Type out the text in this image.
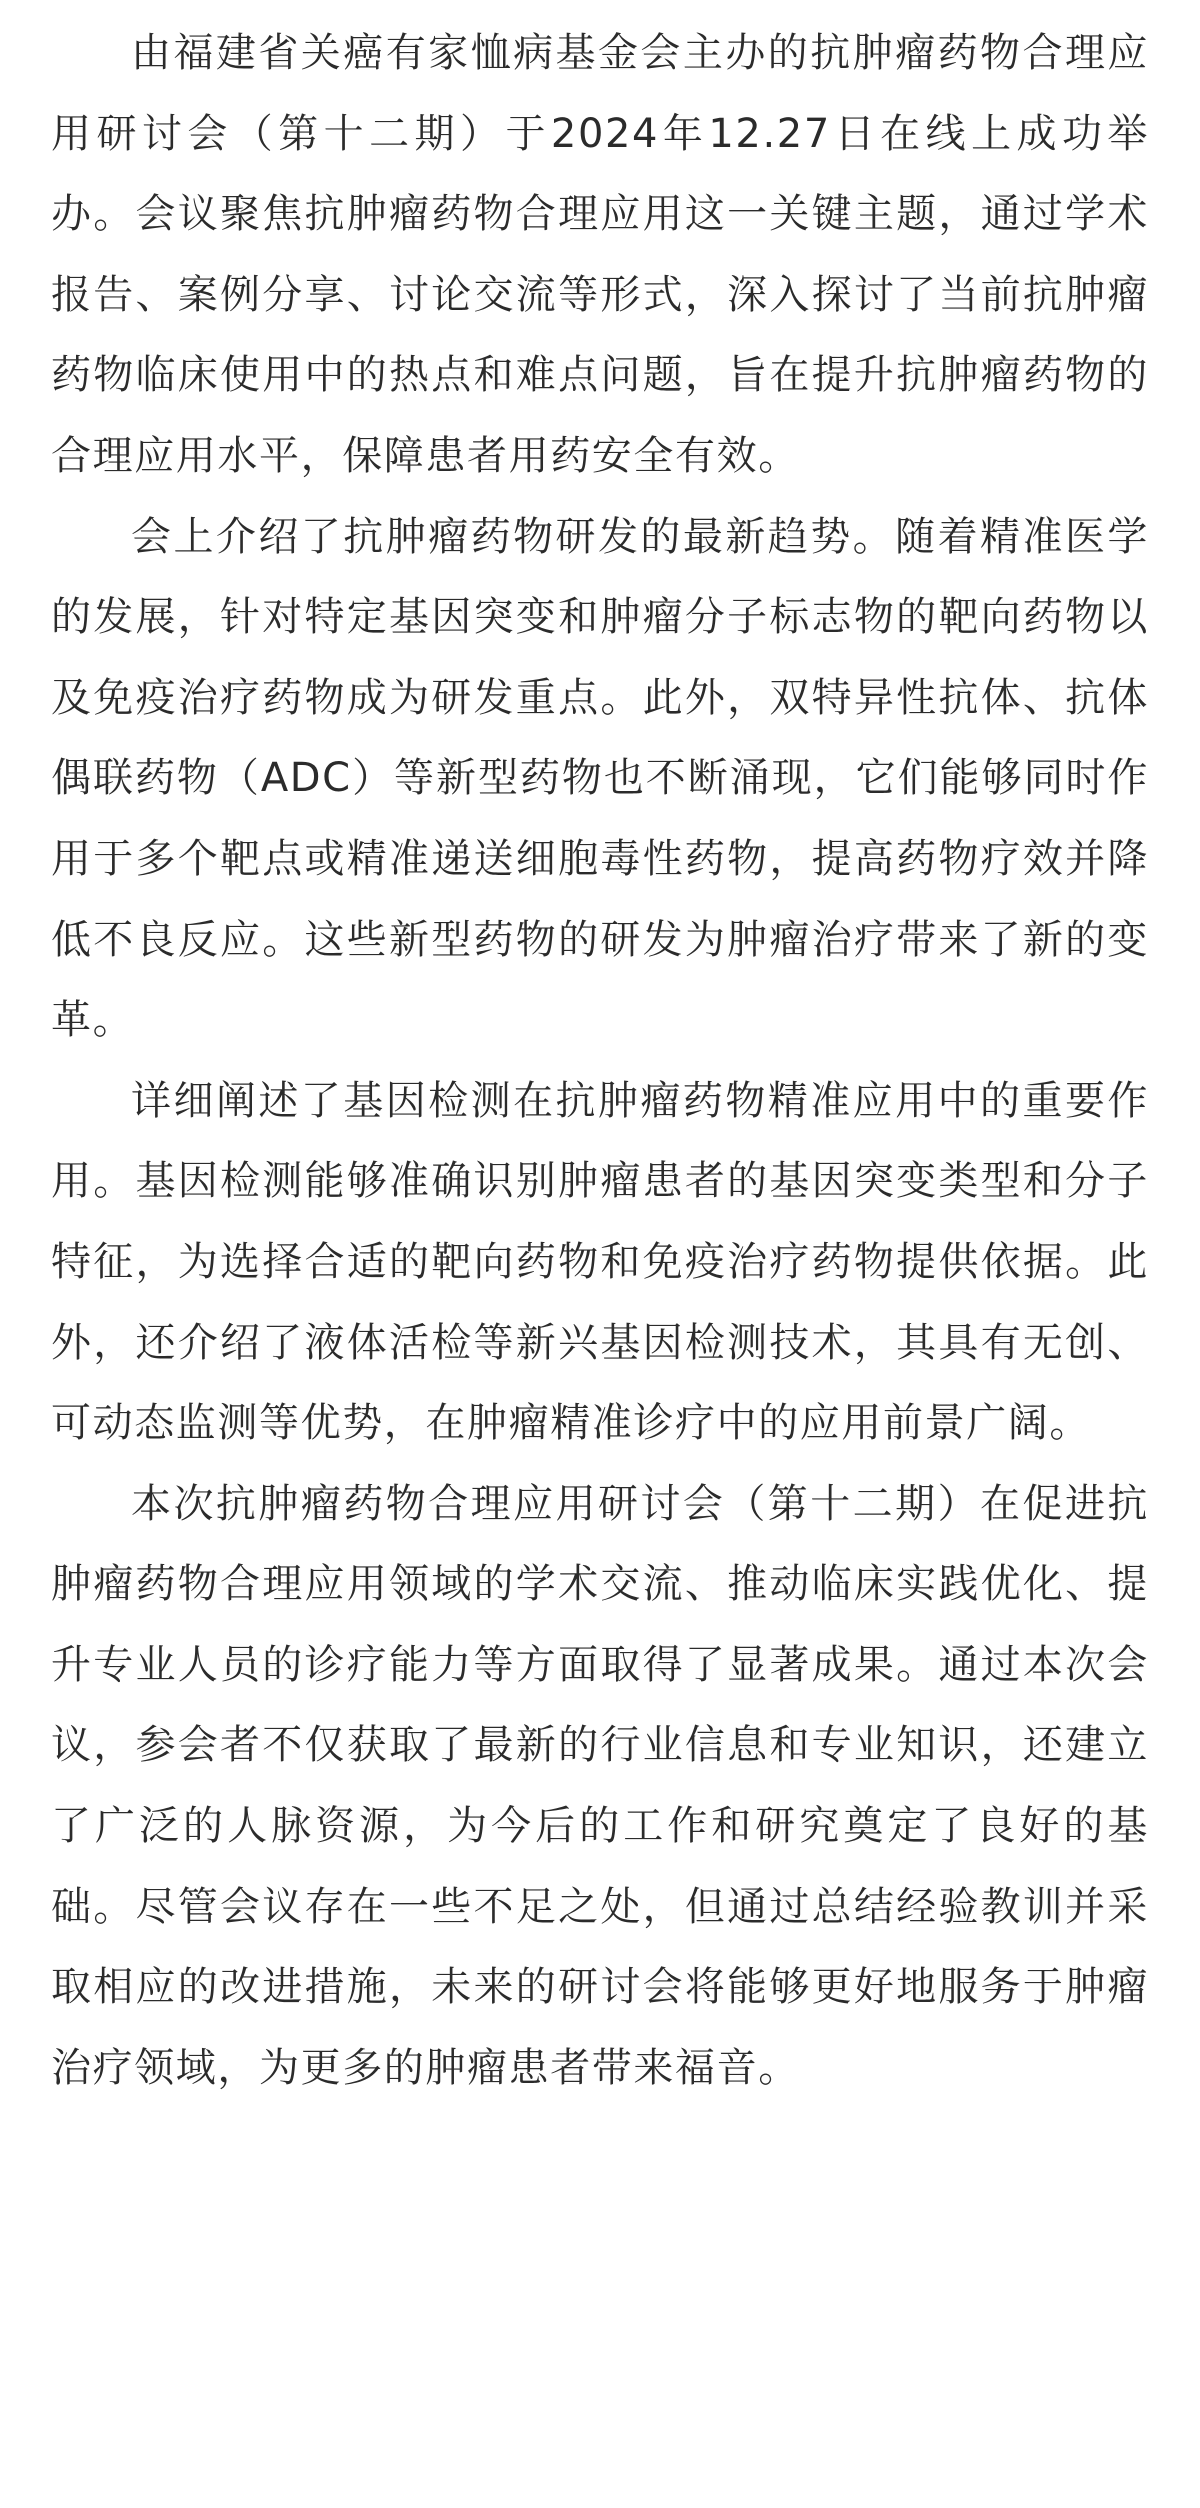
由福建省关癌有家恤病基金会主办的抗肿瘤药物合理应用研讨会（第十二期）于2024年12.27日在线上成功举办。会议聚焦抗肿瘤药物合理应用这一关键主题，通过学术报告、案例分享、讨论交流等形式，深入探讨了当前抗肿瘤药物临床使用中的热点和难点问题，旨在提升抗肿瘤药物的合理应用水平，保障患者用药安全有效。

会上介绍了抗肿瘤药物研发的最新趋势。随着精准医学的发展，针对特定基因突变和肿瘤分子标志物的靶向药物以及免疫治疗药物成为研发重点。此外，双特异性抗体、抗体偶联药物（ADC）等新型药物也不断涌现，它们能够同时作用于多个靶点或精准递送细胞毒性药物，提高药物疗效并降低不良反应。这些新型药物的研发为肿瘤治疗带来了新的变革。

详细阐述了基因检测在抗肿瘤药物精准应用中的重要作用。基因检测能够准确识别肿瘤患者的基因突变类型和分子特征，为选择合适的靶向药物和免疫治疗药物提供依据。此外，还介绍了液体活检等新兴基因检测技术，其具有无创、可动态监测等优势，在肿瘤精准诊疗中的应用前景广阔。

本次抗肿瘤药物合理应用研讨会（第十二期）在促进抗肿瘤药物合理应用领域的学术交流、推动临床实践优化、提升专业人员的诊疗能力等方面取得了显著成果。通过本次会议，参会者不仅获取了最新的行业信息和专业知识，还建立了广泛的人脉资源，为今后的工作和研究奠定了良好的基础。尽管会议存在一些不足之处，但通过总结经验教训并采取相应的改进措施，未来的研讨会将能够更好地服务于肿瘤治疗领域，为更多的肿瘤患者带来福音。
